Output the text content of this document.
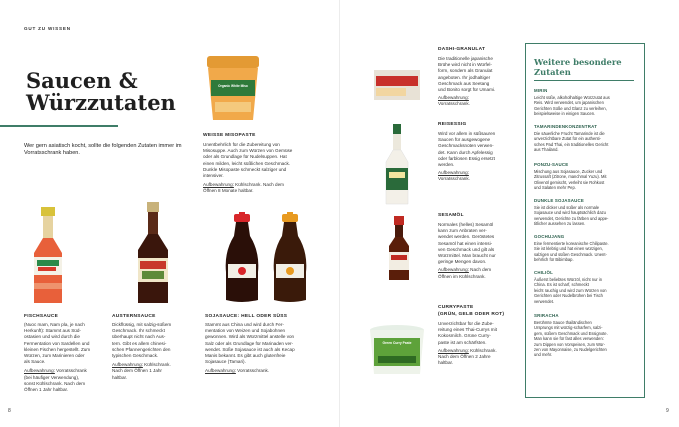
GUT ZU WISSEN
Saucen &
Würzzutaten
Wer gern asiatisch kocht, sollte die folgenden Zutaten immer im Vorratsschrank haben.
Organic White Miso
WEISSE MISOPASTE
Unentbehrlich für die Zubereitung von
Misosuppe. Auch zum Würzen von Gemüse
oder als Grundlage für Nudelsuppen. Hat
einen milden, leicht süßlichen Geschmack.
Dunkle Misopaste schmeckt salziger und
intensiver.
Aufbewahrung: Kühlschrank. Nach dem
Öffnen 8 Monate haltbar.
FISCHSAUCE
(Nuoc mam, Nam pla, je nach
Herkunft): Stammt aus Süd-
ostasien und wird durch die
Fermentation von Sardellen und
kleinen Fischen hergestellt. Zum
Würzen, zum Marinieren oder
als Sauce.
Aufbewahrung: Vorratsschrank
(bei häufiger Verwendung),
sonst Kühlschrank. Nach dem
Öffnen 1 Jahr haltbar.
AUSTERNSAUCE
Dickflüssig, mit salzig-süßem
Geschmack. Ihr schmeckt
überhaupt nicht nach Aus-
tern. Gibt es allem chinesi-
schen Pfannengerichten den
typischen Geschmack.
Aufbewahrung: Kühlschrank.
Nach dem Öffnen 1 Jahr
haltbar.
SOJASAUCE: HELL ODER SÜSS
Stammt aus China und wird durch Fer-
mentation von Weizen und Sojabohnen
gewonnen. Wird als Würzmittel anstelle von
Salz oder als Grundlage für Marinaden ver-
wendet. Süße Sojasauce ist auch als Kecap
Manis bekannt. Es gibt auch glutenfreie
Sojasauce (Tamari).
Aufbewahrung: Vorratsschrank.
8
DASHI-GRANULAT
Die traditionelle japanische
Brühe wird nicht in Würfel-
form, sondern als Granulat
angeboten. Ihr jodhaltiger
Geschmack aus Seetang
und Bonito sorgt für Umami.
Aufbewahrung:
Vorratsschrank.
REISESSIG
Wird vor allem in süßsauren
Saucen für ausgewogene
Geschmacksnoten verwen-
det. Kann durch Apfelessig
oder farblosen Essig ersetzt
werden.
Aufbewahrung:
Vorratsschrank.
SESAMÖL
Normales (helles) Sesamöl
kann zum Anbraten ver-
wendet werden. Geröstetes
Sesamöl hat einen intensi-
ven Geschmack und gilt als
Würzmittel. Man braucht nur
geringe Mengen davon.
Aufbewahrung: Nach dem
Öffnen im Kühlschrank.
Green Curry Paste
CURRYPASTE
(GRÜN, GELB ODER ROT)
Unverzichtbar für die Zube-
reitung eines Thai-Currys mit
Kokosmilch. Grüne Curry-
paste ist am schärfsten.
Aufbewahrung: Kühlschrank.
Nach dem Öffnen 2 Jahre
haltbar.
Weitere besondere
Zutaten
MIRIN
Leicht süße, alkoholhaltige Würzzutat aus
Reis. Wird verwendet, um japanischen
Gerichten Süße und Glanz zu verleihen,
beispielsweise in einigen Saucen.
TAMARINDENKONZENTRAT
Die säuerliche Frucht Tamarinde ist die
unverzichtbare Zutat für ein authenti-
sches Pad Thai, ein traditionelles Gericht
aus Thailand.
PONZU-SAUCE
Mischung aus Sojasauce, Zucker und
Zitrussaft (Zitrone, manchmal Yuzu). Mit
Olivenöl gemischt, verleiht sie Rohkost
und Salaten mehr Pep.
DUNKLE SOJASAUCE
Sie ist dicker und süßer als normale
Sojasauce und wird hauptsächlich dazu
verwendet, Gerichte zu färben und appe-
titlicher aussehen zu lassen.
GOCHUJANG
Eine fermentierte koreanische Chilipaste.
Sie ist klebrig und hat einen würzigen,
salzigen und süßen Geschmack. Unent-
behrlich für Bibimbap.
CHILIÖL
Äußerst beliebtes Würzöl, nicht nur in
China. Es ist scharf, schmeckt
leicht rauchig und wird zum Würzen von
Gerichten oder Nudelbrühen bei Tisch
verwendet.
SRIRACHA
Berühmte Sauce thailändischen
Ursprungs mit würzig-scharfem, salzi-
gem, süßem Geschmack und Essignote.
Man kann sie für fast alles verwenden:
zum Dippen von Vorspeisen, zum Wür-
zen von Mayonnaise, zu Nudelgerichten
und mehr.
9
